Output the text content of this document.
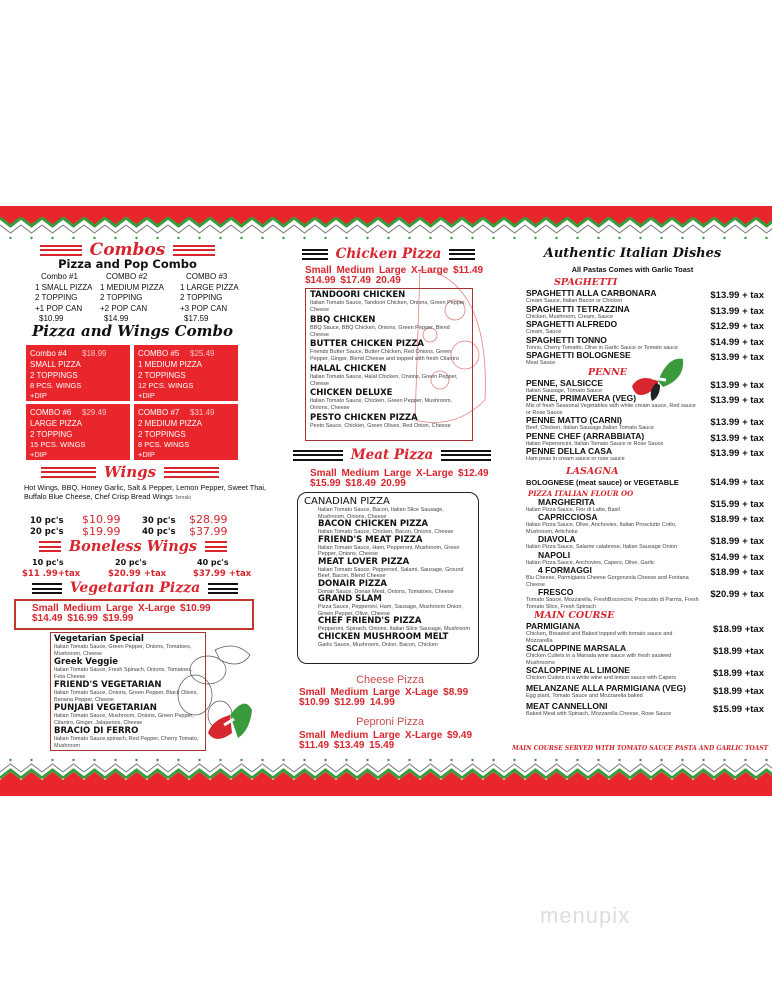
Combos
Pizza and Pop Combo
Combo #1
1 SMALL PIZZA
2 TOPPING
+1 POP CAN
$10.99
COMBO #2
1 MEDIUM PIZZA
2 TOPPING
+2 POP CAN
$14.99
COMBO #3
1 LARGE PIZZA
2 TOPPING
+3 POP CAN
$17.59
Pizza and Wings Combo
Combo #4	$18.99
SMALL PIZZA
2 TOPPINGS
8 PCS. WINGS
+DIP
COMBO #5	$25.49
1 MEDIUM PIZZA
2 TOPPINGS
12 PCS. WINGS
+DIP
COMBO #6	$29.49
LARGE PIZZA
2 TOPPING
15 PCS. WINGS
+DIP
COMBO #7	$31.49
2 MEDIUM PIZZA
2 TOPPINGS
8 PCS. WINGS
+DIP
Wings
Hot Wings, BBQ, Honey Garlic, Salt & Pepper, Lemon Pepper, Sweet Thai, Buffalo Blue Cheese, Chef Crisp Bread Wings Tenraki
10 pc's $10.99
20 pc's $19.99
30 pc's $28.99
40 pc's $37.99
Boneless Wings
10 pc's
$11 .99+tax
20 pc's
$20.99 +tax
40 pc's
$37.99 +tax
Vegetarian Pizza
Small Medium Large X-Large $10.99
$14.49 $16.99 $19.99
Vegetarian Special
Italian Tomato Sauce, Green Pepper, Onions, Tomatoes, Mushroom, Cheese
Greek Veggie
Italian Tomato Sauce, Fresh Spinach, Onions, Tomatoes, Feta Cheese
FRIEND'S VEGETARIAN
Italian Tomato Sauce, Onions, Green Pepper, Black Olives, Banana Pepper, Cheese
PUNJABI VEGETARIAN
Italian Tomato Sauce, Mushroom, Onions, Green Pepper, Cilantro, Ginger, Jalapenos, Cheese
BRACIO DI FERRO
Italian Tomato Sauce,spinach, Red Pepper, Cherry Tomato, Mushroom
Chicken Pizza
Small Medium Large X-Large $11.49
$14.99 $17.49 20.49
TANDOORI CHICKEN
Italian Tomato Sauce, Tandoori Chicken, Onions, Green Pepper, Cheese
BBQ CHICKEN
BBQ Sauce, BBQ Chicken, Onions, Green Pepper, Blend Cheese
BUTTER CHICKEN PIZZA
Friends Butter Sauce, Butter Chicken, Red Onions, Green Pepper, Ginger, Blend Cheese and topped with fresh Cilantro
HALAL CHICKEN
Italian Tomato Sauce, Halal Chicken, Onions, Green Pepper, Cheese
CHICKEN DELUXE
Italian Tomato Sauce, Chicken, Green Pepper, Mushroom, Onions, Cheese
PESTO CHICKEN PIZZA
Pesto Sauce, Chicken, Green Olives, Red Onion, Cheese
Meat Pizza
Small Medium Large X-Large $12.49
$15.99 $18.49 20.99
CANADIAN PIZZA
Italian Tomato Sauce, Bacon, Italian Slice Sausage, Mushroom, Onions, Cheese
BACON CHICKEN PIZZA
Italian Tomato Sauce, Chicken, Bacon, Onions, Cheese
FRIEND'S MEAT PIZZA
Italian Tomato Sauce, Ham, Pepperoni, Mushroom, Green Pepper, Onions, Cheese
MEAT LOVER PIZZA
Italian Tomato Sauce, Pepperoni, Salami, Sausage, Ground Beef, Bacon, Blend Cheese
DONAIR PIZZA
Donair Sauce, Donair Meat, Onions, Tomatoes, Cheese
GRAND SLAM
Pizza Sauce, Pepperoni, Ham, Sausage, Mushroom Onion, Green Pepper, Olive, Cheese
CHEF FRIEND'S PIZZA
Pepperoni, Spinach, Onions, Italian Slice Sausage, Mushroom
CHICKEN MUSHROOM MELT
Garlic Sauce, Mushroom, Onion, Bacon, Chicken
Cheese Pizza
Small Medium Large X-Lage $8.99
$10.99 $12.99 14.99
Peproni Pizza
Small Medium Large X-Large $9.49
$11.49 $13.49 15.49
Authentic Italian Dishes
All Pastas Comes with Garlic Toast
SPAGHETTI
SPAGHETTI ALLA CARBONARA
Cream Sauce, Italian Bacon or Chicken	$13.99 + tax
SPAGHETTI TETRAZZINA
Chicken, Mushroom, Cream, Sauce	$13.99 + tax
SPAGHETTI ALFREDO
Cream, Sauce	$12.99 + tax
SPAGHETTI TONNO
Tonno, Cherry Tomatto, Olive in Garlic Sauce or Tomato sauce	$14.99 + tax
SPAGHETTI BOLOGNESE
Meat Sauce	$13.99 + tax
PENNE
PENNE, SALSICCE
Italian Sausage, Tomato Sauce	$13.99 + tax
PENNE, PRIMAVERA (VEG)
Mix of fresh Seasonal Vegetables with white cream sauce, Red sauce or Rose Sauce
$13.99 + tax
PENNE MATTO (CARNI)
Beef, Chicken, Italian Sausage,Italian Tomato Sauce	$13.99 + tax
PENNE CHEF (ARRABBIATA)
Italian Peperoncini, Italian Tomato Sauce or Rose Sauce	$13.99 + tax
PENNE DELLA CASA
Ham peas in cream sauce or rose sauce	$13.99 + tax
LASAGNA
BOLOGNESE (meat sauce) or VEGETABLE	$14.99 + tax
PIZZA ITALIAN FLOUR OO
MARGHERITA
Italian Pizza Sauce, Fior di Latte, Basil	$15.99 + tax
CAPRICCIOSA
Italian Pizza Sauce, Olive, Anchovies, Italian Prosciutto Cotto, Mushroom, Artichoke
$18.99 + tax
DIAVOLA
Italian Pizza Sauce, Salame calabrese, Italian Sausage Onion	$18.99 + tax
NAPOLI
Italian Pizza Sauce, Anchovies, Capers, Olive, Garlic	$14.99 + tax
4 FORMAGGI
Blu Cheese, Parmigiana Cheese Gorgonzola Cheese and Fontana Cheese
$18.99 + tax
FRESCO
Tomato Sauce, Mozzarella, FreshBoconcini, Proscotto di Parma, Fresh Tomato Slice, Fresh Spinach
$20.99 + tax
MAIN COURSE
PARMIGIANA
Chicken, Breaded and Baked topped with tomato sauce and Mozzarella
$18.99 +tax
SCALOPPINE MARSALA
Chicken Cutlets in a Marsala wine sauce with fresh sauteed Mushrooms
$18.99 +tax
SCALOPPINE AL LIMONE
Chicken Cutlets in a white wine and lemon sauce with Capers	$18.99 +tax
MELANZANE ALLA PARMIGIANA (VEG)
Egg plant, Tomato Sauce and Mozzarella baked	$18.99 +tax
MEAT CANNELLONI
Baked Meat with Spinach, Mozzarella Cheese, Rose Sauce	$15.99 +tax
MAIN COURSE SERVED WITH TOMATO SAUCE PASTA AND GARLIC TOAST
menupix
